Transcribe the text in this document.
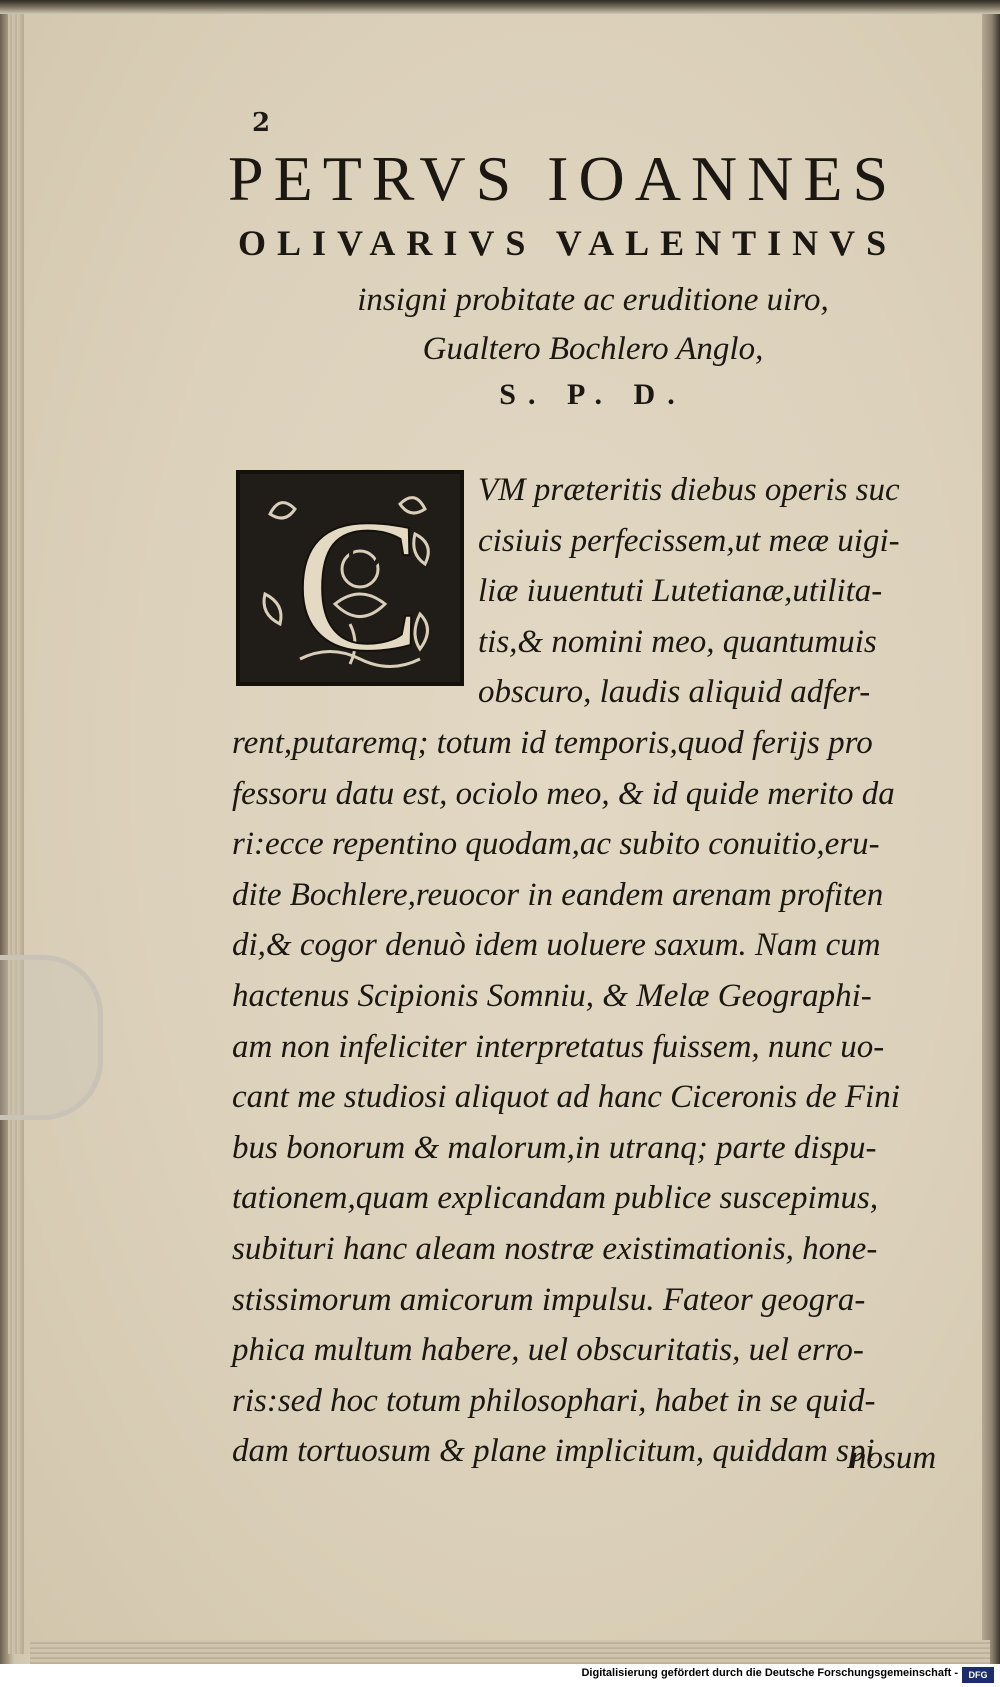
2
PETRVS IOANNES
OLIVARIVS VALENTINVS
insigni probitate ac eruditione uiro,
Gualtero Bochlero Anglo,
S. P. D.
C VM præteritis diebus operis suc
cisiuis perfecissem,ut meæ uigi-
liæ iuuentuti Lutetianæ,utilita-
tis,& nomini meo, quantumuis
obscuro, laudis aliquid adfer-
rent,putaremq; totum id temporis,quod ferijs pro
fessoru datu est, ociolo meo, & id quide merito da
ri:ecce repentino quodam,ac subito conuitio,eru-
dite Bochlere,reuocor in eandem arenam profiten
di,& cogor denuò idem uoluere saxum. Nam cum
hactenus Scipionis Somniu, & Melæ Geographi-
am non infeliciter interpretatus fuissem, nunc uo-
cant me studiosi aliquot ad hanc Ciceronis de Fini
bus bonorum & malorum,in utranq; parte dispu-
tationem,quam explicandam publice suscepimus,
subituri hanc aleam nostræ existimationis, hone-
stissimorum amicorum impulsu. Fateor geogra-
phica multum habere, uel obscuritatis, uel erro-
ris:sed hoc totum philosophari, habet in se quid-
dam tortuosum & plane implicitum, quiddam spi
nosum
Digitalisierung gefördert durch die Deutsche Forschungsgemeinschaft -	DFG
